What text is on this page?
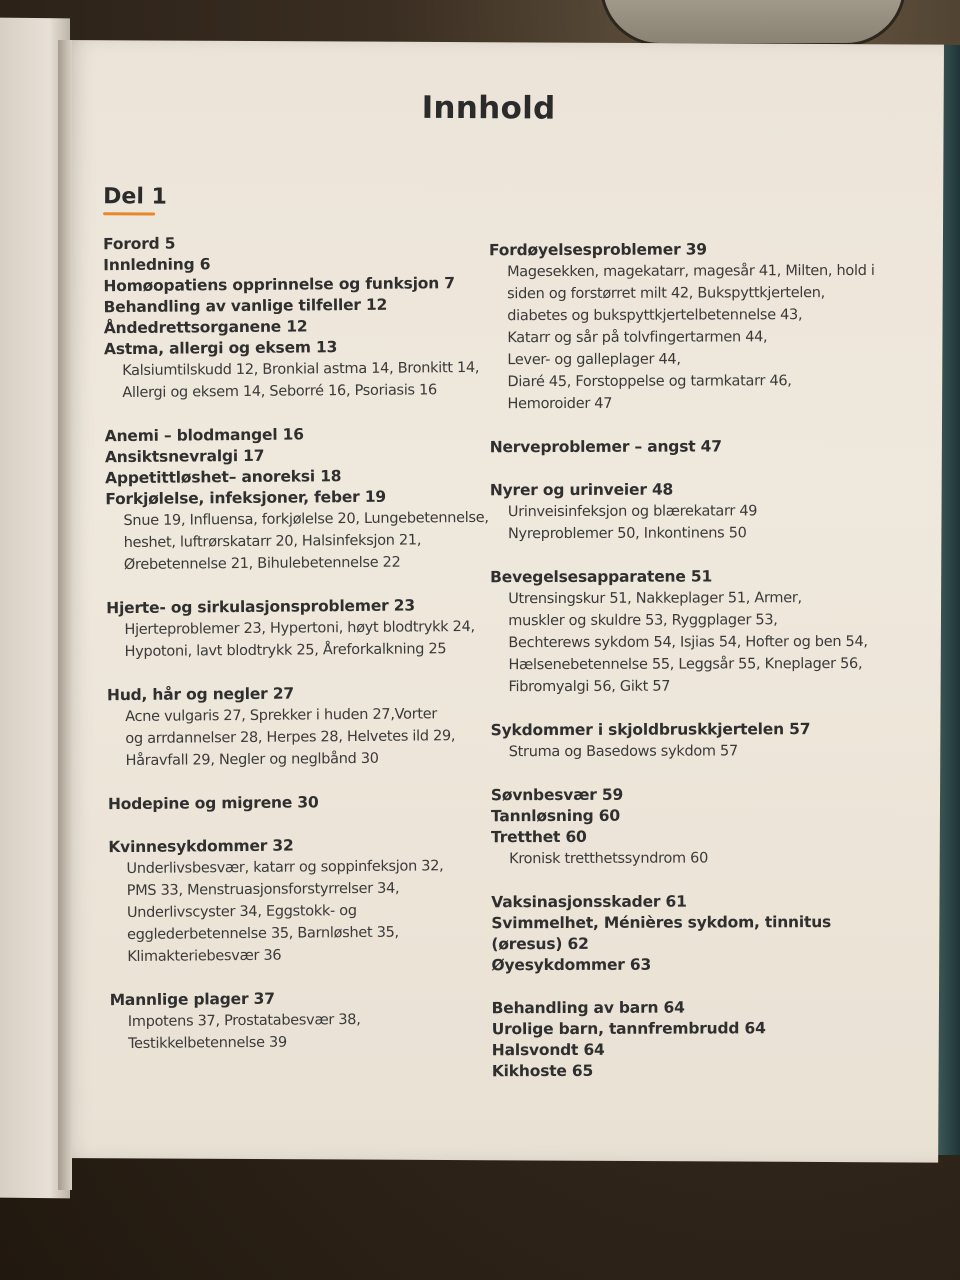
Innhold
Del 1
Forord 5
Innledning 6
Homøopatiens opprinnelse og funksjon 7
Behandling av vanlige tilfeller 12
Åndedrettsorganene 12
Astma, allergi og eksem 13
Kalsiumtilskudd 12, Bronkial astma 14, Bronkitt 14,
Allergi og eksem 14, Seborré 16, Psoriasis 16
Anemi – blodmangel 16
Ansiktsnevralgi 17
Appetittløshet– anoreksi 18
Forkjølelse, infeksjoner, feber 19
Snue 19, Influensa, forkjølelse 20, Lungebetennelse,
heshet, luftrørskatarr 20, Halsinfeksjon 21,
Ørebetennelse 21, Bihulebetennelse 22
Hjerte- og sirkulasjonsproblemer 23
Hjerteproblemer 23, Hypertoni, høyt blodtrykk 24,
Hypotoni, lavt blodtrykk 25, Åreforkalkning 25
Hud, hår og negler 27
Acne vulgaris 27, Sprekker i huden 27,Vorter
og arrdannelser 28, Herpes 28, Helvetes ild 29,
Håravfall 29, Negler og neglbånd 30
Hodepine og migrene 30
Kvinnesykdommer 32
Underlivsbesvær, katarr og soppinfeksjon 32,
PMS 33, Menstruasjonsforstyrrelser 34,
Underlivscyster 34, Eggstokk- og
egglederbetennelse 35, Barnløshet 35,
Klimakteriebesvær 36
Mannlige plager 37
Impotens 37, Prostatabesvær 38,
Testikkelbetennelse 39
Fordøyelsesproblemer 39
Magesekken, magekatarr, magesår 41, Milten, hold i
siden og forstørret milt 42, Bukspyttkjertelen,
diabetes og bukspyttkjertelbetennelse 43,
Katarr og sår på tolvfingertarmen 44,
Lever- og galleplager 44,
Diaré 45, Forstoppelse og tarmkatarr 46,
Hemoroider 47
Nerveproblemer – angst 47
Nyrer og urinveier 48
Urinveisinfeksjon og blærekatarr 49
Nyreproblemer 50, Inkontinens 50
Bevegelsesapparatene 51
Utrensingskur 51, Nakkeplager 51, Armer,
muskler og skuldre 53, Ryggplager 53,
Bechterews sykdom 54, Isjias 54, Hofter og ben 54,
Hælsenebetennelse 55, Leggsår 55, Kneplager 56,
Fibromyalgi 56, Gikt 57
Sykdommer i skjoldbruskkjertelen 57
Struma og Basedows sykdom 57
Søvnbesvær 59
Tannløsning 60
Tretthet 60
Kronisk tretthetssyndrom 60
Vaksinasjonsskader 61
Svimmelhet, Ménières sykdom, tinnitus (øresus) 62
Øyesykdommer 63
Behandling av barn 64
Urolige barn, tannfrembrudd 64
Halsvondt 64
Kikhoste 65
